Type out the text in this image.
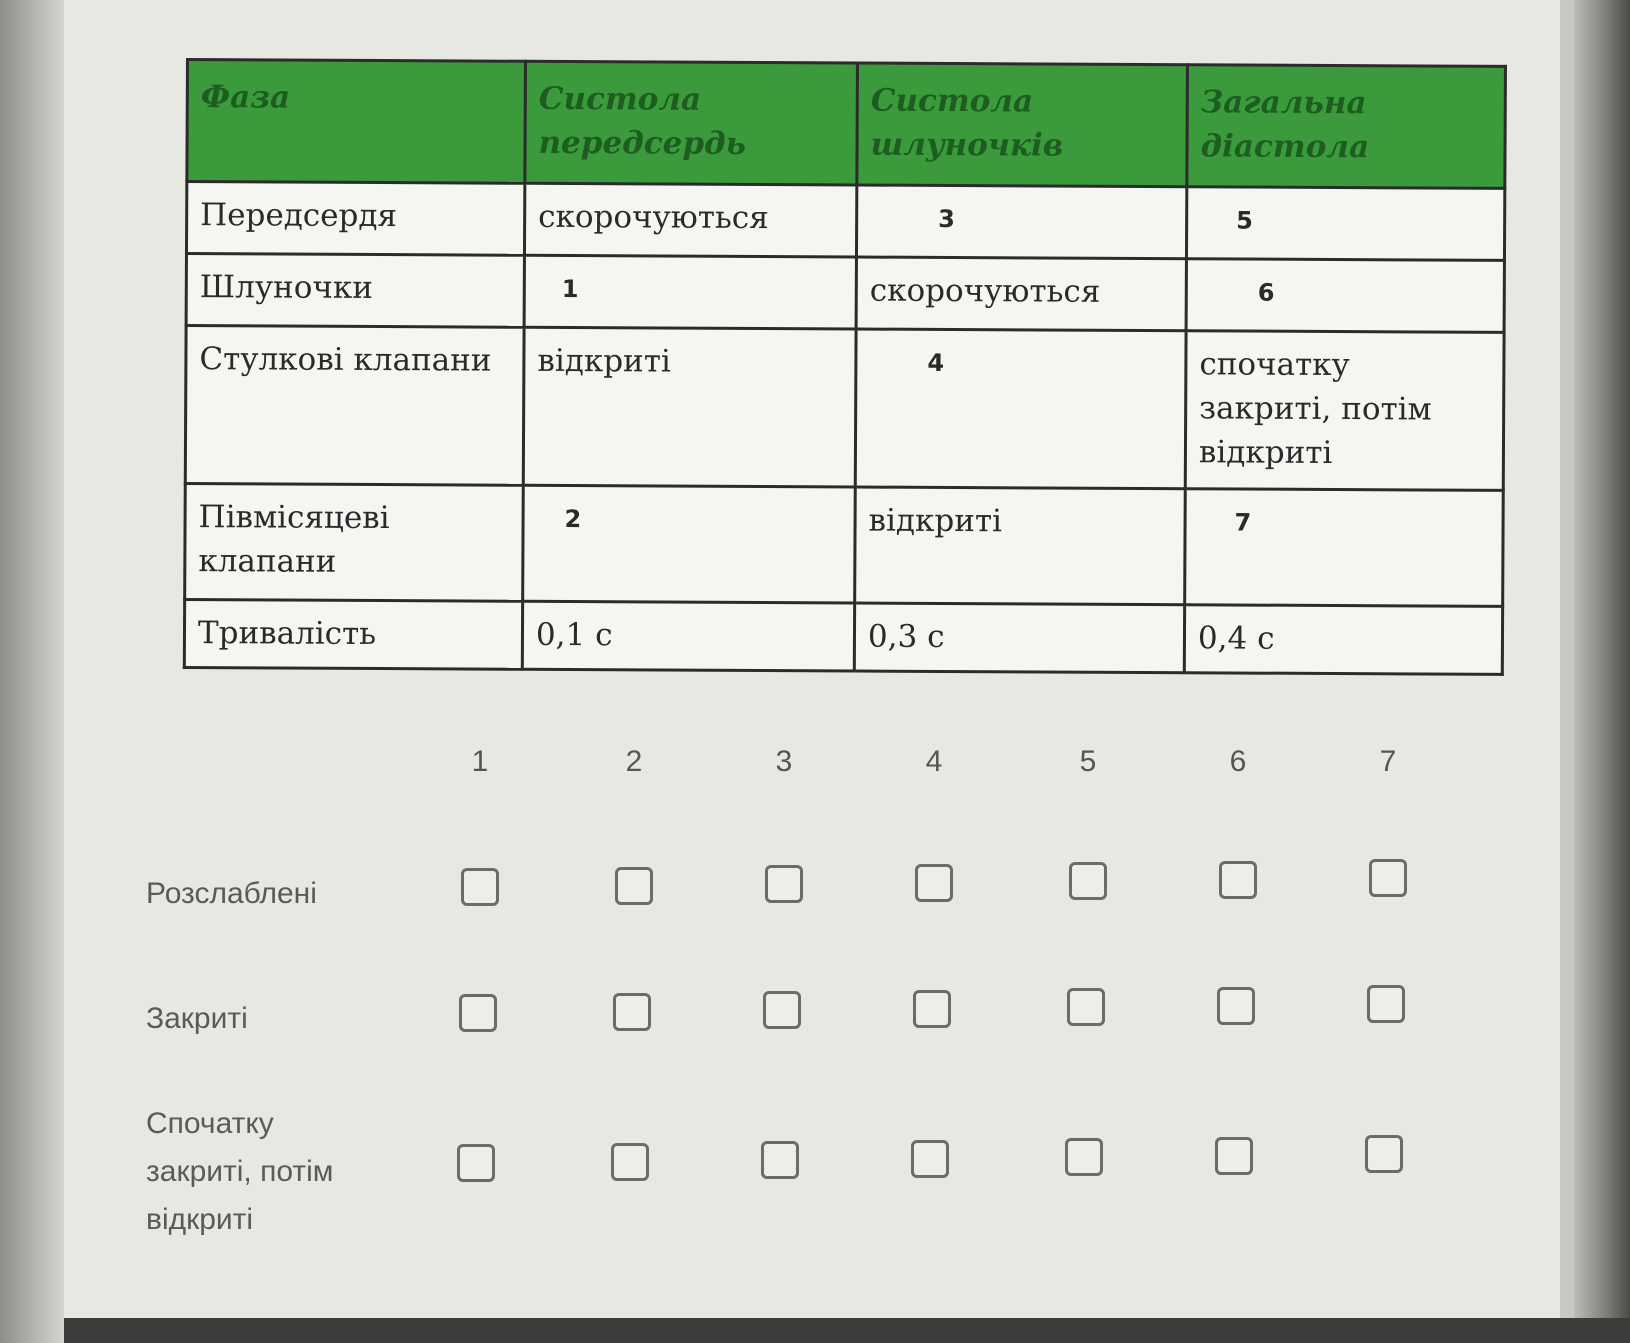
Фаза	Систола передсердь	Систола шлуночків	Загальна діастола
Передсердя	скорочуються	3	5
Шлуночки	1	скорочуються	6
Стулкові клапани	відкриті	4	спочатку закриті, потім відкриті
Півмісяцеві клапани	2	відкриті	7
Тривалість	0,1 с	0,3 с	0,4 с
1	2	3	4	5	6	7
Розслаблені
Закриті
Спочатку закриті, потім відкриті
